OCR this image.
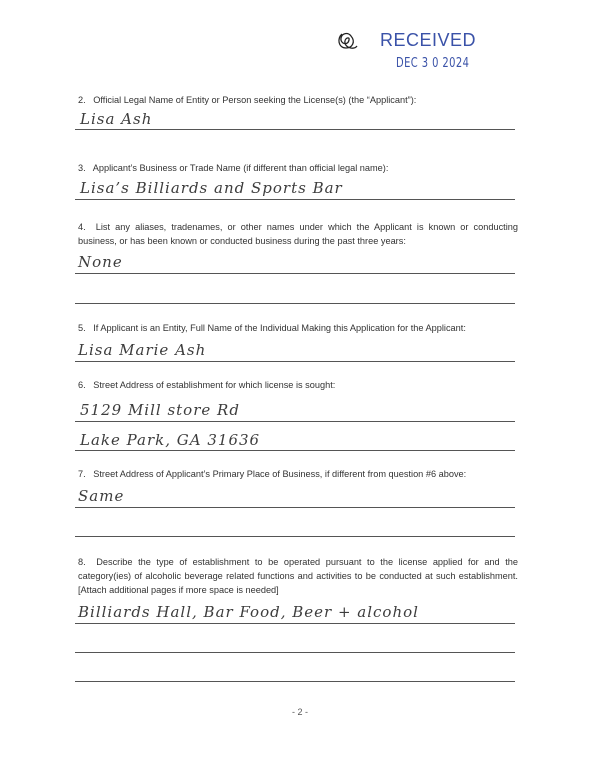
RECEIVED
DEC 3 0 2024
2. Official Legal Name of Entity or Person seeking the License(s) (the “Applicant”):
Lisa Ash
3. Applicant’s Business or Trade Name (if different than official legal name):
Lisa’s Billiards and Sports Bar
4. List any aliases, tradenames, or other names under which the Applicant is known or conducting business, or has been known or conducted business during the past three years:
None
5. If Applicant is an Entity, Full Name of the Individual Making this Application for the Applicant:
Lisa Marie Ash
6. Street Address of establishment for which license is sought:
5129 Mill store Rd
Lake Park, GA 31636
7. Street Address of Applicant’s Primary Place of Business, if different from question #6 above:
Same
8. Describe the type of establishment to be operated pursuant to the license applied for and the category(ies) of alcoholic beverage related functions and activities to be conducted at such establishment. [Attach additional pages if more space is needed]
Billiards Hall, Bar Food, Beer + alcohol
- 2 -
